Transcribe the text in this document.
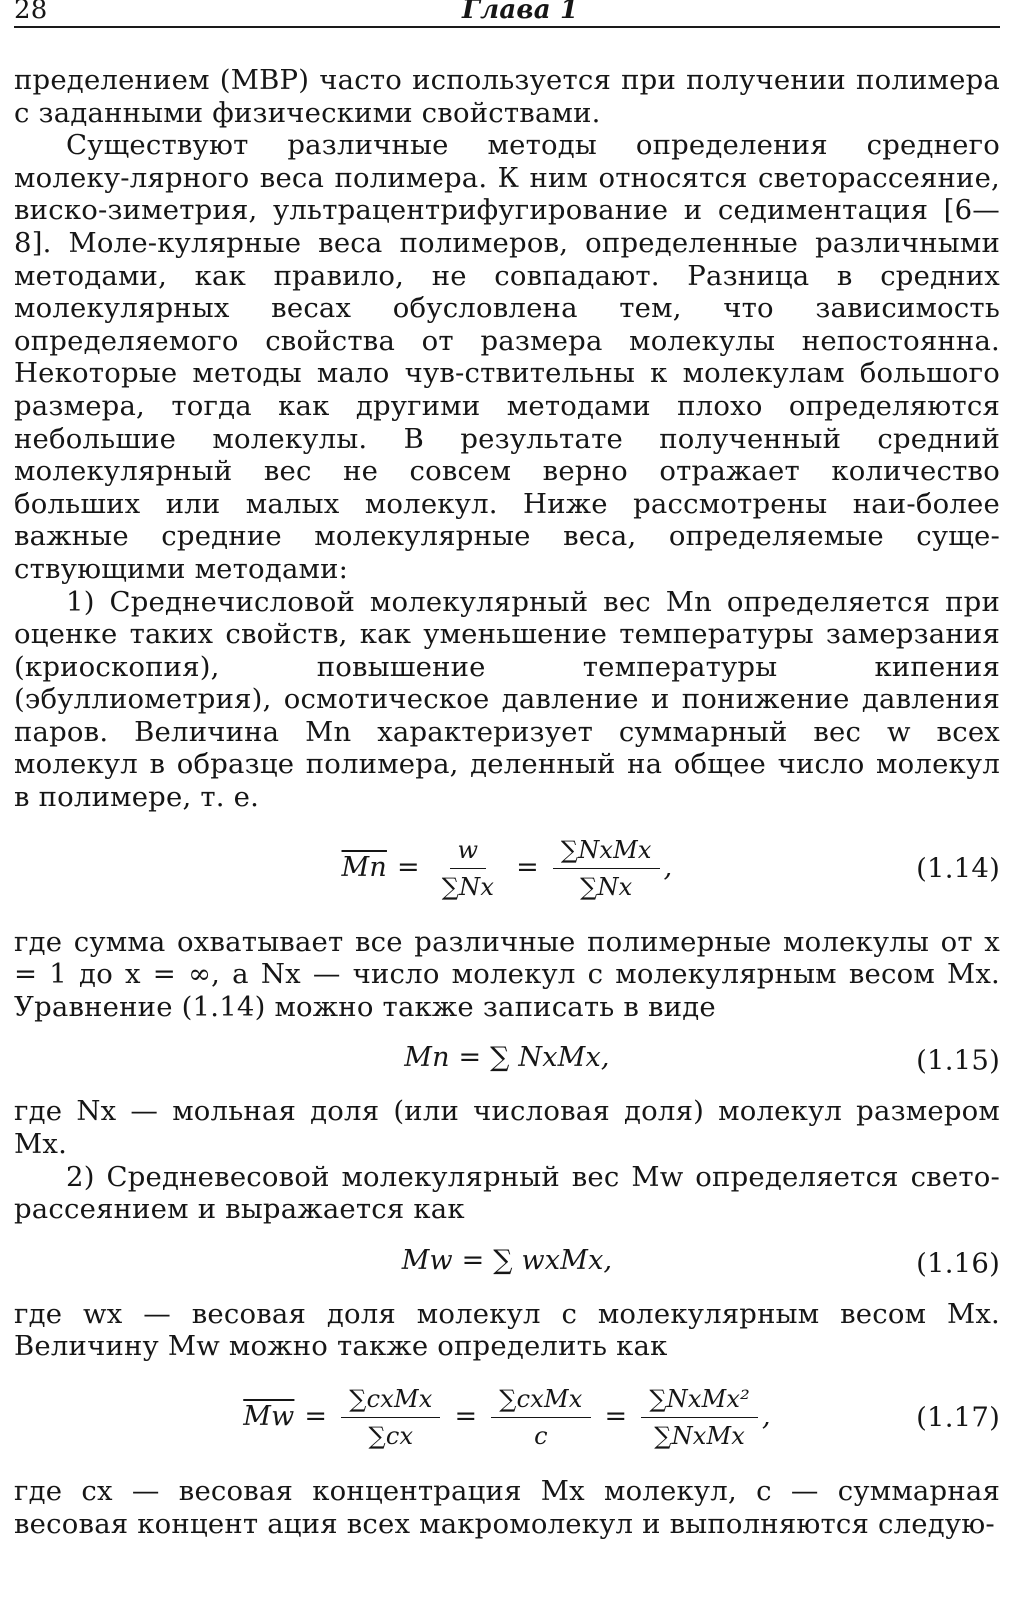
28	Глава 1

пределением (МВР) часто используется при получении полимера с заданными физическими свойствами.

Существуют различные методы определения среднего молеку-лярного веса полимера. К ним относятся светорассеяние, виско-зиметрия, ультрацентрифугирование и седиментация [6—8]. Моле-кулярные веса полимеров, определенные различными методами, как правило, не совпадают. Разница в средних молекулярных весах обусловлена тем, что зависимость определяемого свойства от размера молекулы непостоянна. Некоторые методы мало чув-ствительны к молекулам большого размера, тогда как другими методами плохо определяются небольшие молекулы. В результате полученный средний молекулярный вес не совсем верно отражает количество больших или малых молекул. Ниже рассмотрены наи-более важные средние молекулярные веса, определяемые суще-ствующими методами:

1) Среднечисловой молекулярный вес Mn определяется при оценке таких свойств, как уменьшение температуры замерзания (криоскопия), повышение температуры кипения (эбуллиометрия), осмотическое давление и понижение давления паров. Величина Mn характеризует суммарный вес w всех молекул в образце полимера, деленный на общее число молекул в полимере, т. е.

$\overline{Mn} = \frac{w}{\sum Nx} = \frac{\text{∑NxMx}}{\sum Nx}$ ,	(1.14)

где сумма охватывает все различные полимерные молекулы от x = 1 до x = ∞, а Nx — число молекул с молекулярным весом Mx. Уравнение (1.14) можно также записать в виде

Mn = ∑ NxMx,	(1.15)

где Nx — мольная доля (или числовая доля) молекул размером Mx.

2) Средневесовой молекулярный вес Mw определяется свето-рассеянием и выражается как

Mw = ∑ wxMx,	(1.16)

где wx — весовая доля молекул с молекулярным весом Mx. Величину Mw можно также определить как

$\overline{Mw} = \frac{\text{∑cxMx}}{\sum cx} = \frac{\text{∑cxMx}}{c} = \frac{\text{∑NxMx²}}{\text{∑NxMx}}$ ,	(1.17)

где cx — весовая концентрация Mx молекул, c — суммарная весовая концент ация всех макромолекул и выполняются следую-
